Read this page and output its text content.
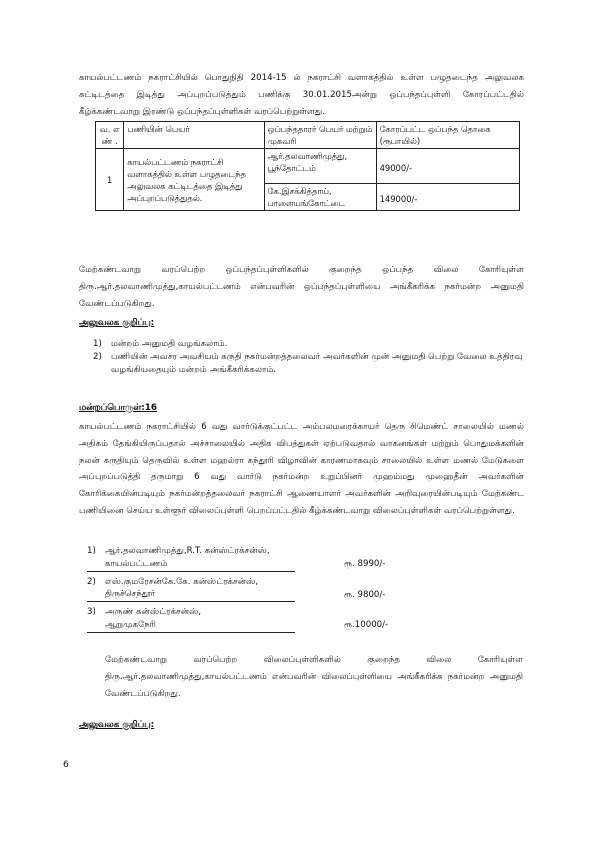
காயல்பட்டணம் நகராட்சியில் பொதுநிதி 2014-15 ல் நகராட்சி வளாகத்தில் உள்ள பழுதடைந்த அலுவலக கட்டிடத்தை இடித்து அப்புறப்படுத்தும் பணிக்கு 30.01.2015அன்று ஒப்பந்தப்புள்ளி கோரப்பட்டதில் கீழ்க்கண்டவாறு இரண்டு ஒப்பந்தப்புள்ளிகள் வரப்பெற்றுள்ளது.
வ. எ ண் .	பணியின் பெயர்	ஒப்பந்ததாரர் பெயர் மற்றும் முகவரி	கோரப்பட்ட ஒப்பந்த தொகை (ரூபாயில்)
1	காயல்பட்டணம் நகராட்சி வளாகத்தில் உள்ள பழுதடைந்த அலுவலக கட்டிடத்தை இடித்து அப்புறப்படுத்துதல்.	ஆர்.தலவாணிமுத்து, பூந்தோட்டம்	49000/-
		கே.இசக்கித்தாய், பாளையங்கோட்டை	149000/-
மேற்கண்டவாறு வரப்பெற்ற ஒப்பந்தப்புள்ளிகளில் குறைந்த ஒப்பந்த விலை கோரியுள்ள திரு.ஆர்.தலவாணிமுத்து,காயல்பட்டணம் என்பவரின் ஒப்பந்தப்புள்ளியை அங்கீகரிக்க நகர்மன்ற அனுமதி வேண்டப்படுகிறது.
அலுவலக குறிப்பு:
1) மன்றம் அனுமதி வழங்கலாம்.
2)	பணியின் அவசர அவசியம் கருதி நகர்மன்றத்தலைவர் அவர்களின் முன் அனுமதி பெற்று வேலை உத்திரவு வழங்கியதையும் மன்றம் அங்கீகரிக்கலாம்.
மன்றப்பொருள்:16
காயல்பட்டணம் நகராட்சியில் 6 வது வார்டுக்குட்பட்ட அம்பலமரைக்காயர் தெரு சிமெண்ட் சாலையில் மணல் அதிகம் தேங்கியிருப்பதால் அச்சாலையில் அதிக விபத்துகள் ஏற்படுவதால் வாகனங்கள் மற்றும் பொதுமக்களின் நலன் கருதியும் தெருவில் உள்ள மஹல்ரா கந்தூரி விழாவின் காரணமாகவும் சாலையில் உள்ள மணல் மேடுகளை அப்புறப்படுத்தி தருமாறு 6 வது வார்டு நகர்மன்ற உறுப்பினர் முஹம்மது முஹைதீன் அவர்களின் கோரிக்கையின்படியும் நகர்மன்றத்தலைவர் நகராட்சி ஆணையாளர் அவர்களின் அறிவுரையின்படியும் மேற்கண்ட பணியினை செய்ய உள்ளூர் விலைப்புள்ளி பெறப்பட்டதில் கீழ்க்கண்டவாறு விலைப்புள்ளிகள் வரப்பெற்றுள்ளது.
1)	ஆர்.தலவாணிமுத்து,R.T. கன்ஸ்ட்ரக்சன்ஸ்,
காயல்பட்டணம்	ரூ. 8990/-
2)	எஸ்.குமரேசன்கே.கே. கன்ஸ்ட்ரக்சன்ஸ்,
திருச்செந்தூர்	ரூ. 9800/-
3)	அருண் கன்ஸ்ட்ரக்சன்ஸ்,
ஆறுமுகநேரி	ரூ.10000/-
மேற்கண்டவாறு வரப்பெற்ற விலைப்புள்ளிகளில் குறைந்த விலை கோரியுள்ள திரு.ஆர்.தலவாணிமுத்து,காயல்பட்டணம் என்பவரின் விலைப்புள்ளியை அங்கீகரிக்க நகர்மன்ற அனுமதி வேண்டப்படுகிறது.
அலுவலக குறிப்பு:
6
